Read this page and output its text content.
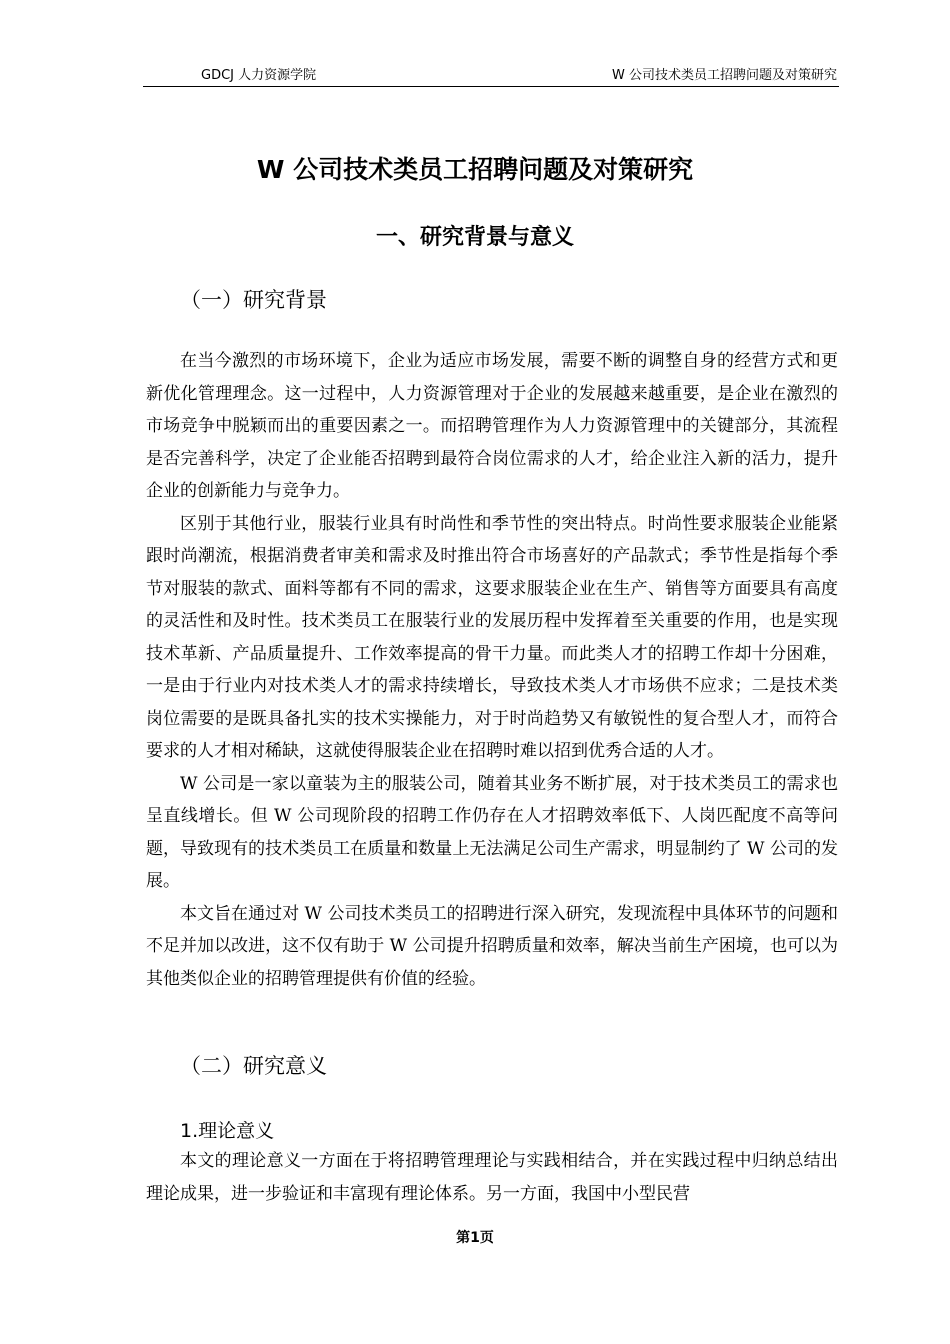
GDCJ 人力资源学院	W 公司技术类员工招聘问题及对策研究
W 公司技术类员工招聘问题及对策研究
一、研究背景与意义
（一）研究背景

在当今激烈的市场环境下，企业为适应市场发展，需要不断的调整自身的经营方式和更新优化管理理念。这一过程中，人力资源管理对于企业的发展越来越重要，是企业在激烈的市场竞争中脱颖而出的重要因素之一。而招聘管理作为人力资源管理中的关键部分，其流程是否完善科学，决定了企业能否招聘到最符合岗位需求的人才，给企业注入新的活力，提升企业的创新能力与竞争力。

区别于其他行业，服装行业具有时尚性和季节性的突出特点。时尚性要求服装企业能紧跟时尚潮流，根据消费者审美和需求及时推出符合市场喜好的产品款式；季节性是指每个季节对服装的款式、面料等都有不同的需求，这要求服装企业在生产、销售等方面要具有高度的灵活性和及时性。技术类员工在服装行业的发展历程中发挥着至关重要的作用，也是实现技术革新、产品质量提升、工作效率提高的骨干力量。而此类人才的招聘工作却十分困难，一是由于行业内对技术类人才的需求持续增长，导致技术类人才市场供不应求；二是技术类岗位需要的是既具备扎实的技术实操能力，对于时尚趋势又有敏锐性的复合型人才，而符合要求的人才相对稀缺，这就使得服装企业在招聘时难以招到优秀合适的人才。

W 公司是一家以童装为主的服装公司，随着其业务不断扩展，对于技术类员工的需求也呈直线增长。但 W 公司现阶段的招聘工作仍存在人才招聘效率低下、人岗匹配度不高等问题，导致现有的技术类员工在质量和数量上无法满足公司生产需求，明显制约了 W 公司的发展。

本文旨在通过对 W 公司技术类员工的招聘进行深入研究，发现流程中具体环节的问题和不足并加以改进，这不仅有助于 W 公司提升招聘质量和效率，解决当前生产困境，也可以为其他类似企业的招聘管理提供有价值的经验。

（二）研究意义
1.理论意义

本文的理论意义一方面在于将招聘管理理论与实践相结合，并在实践过程中归纳总结出理论成果，进一步验证和丰富现有理论体系。另一方面，我国中小型民营

第1页
